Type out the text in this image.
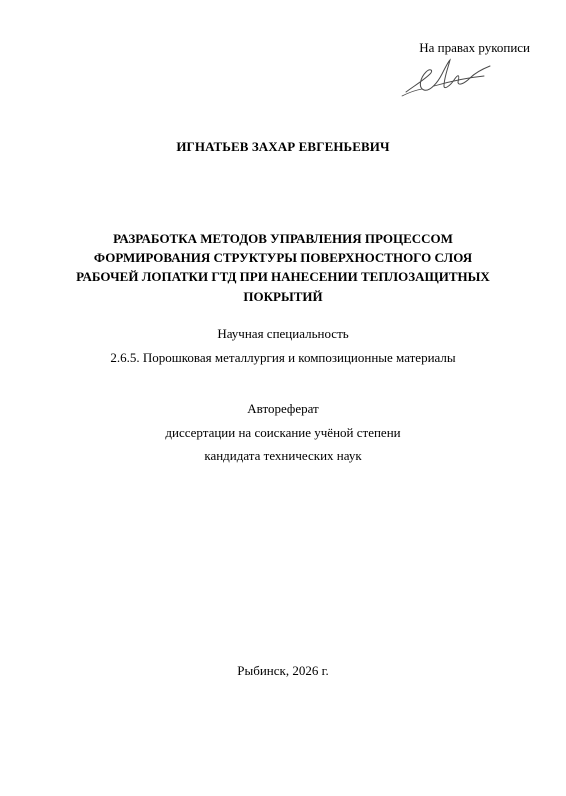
На правах рукописи
ИГНАТЬЕВ ЗАХАР ЕВГЕНЬЕВИЧ
РАЗРАБОТКА МЕТОДОВ УПРАВЛЕНИЯ ПРОЦЕССОМ
ФОРМИРОВАНИЯ СТРУКТУРЫ ПОВЕРХНОСТНОГО СЛОЯ
РАБОЧЕЙ ЛОПАТКИ ГТД ПРИ НАНЕСЕНИИ ТЕПЛОЗАЩИТНЫХ
ПОКРЫТИЙ
Научная специальность
2.6.5. Порошковая металлургия и композиционные материалы
Автореферат
диссертации на соискание учёной степени
кандидата технических наук
Рыбинск, 2026 г.
